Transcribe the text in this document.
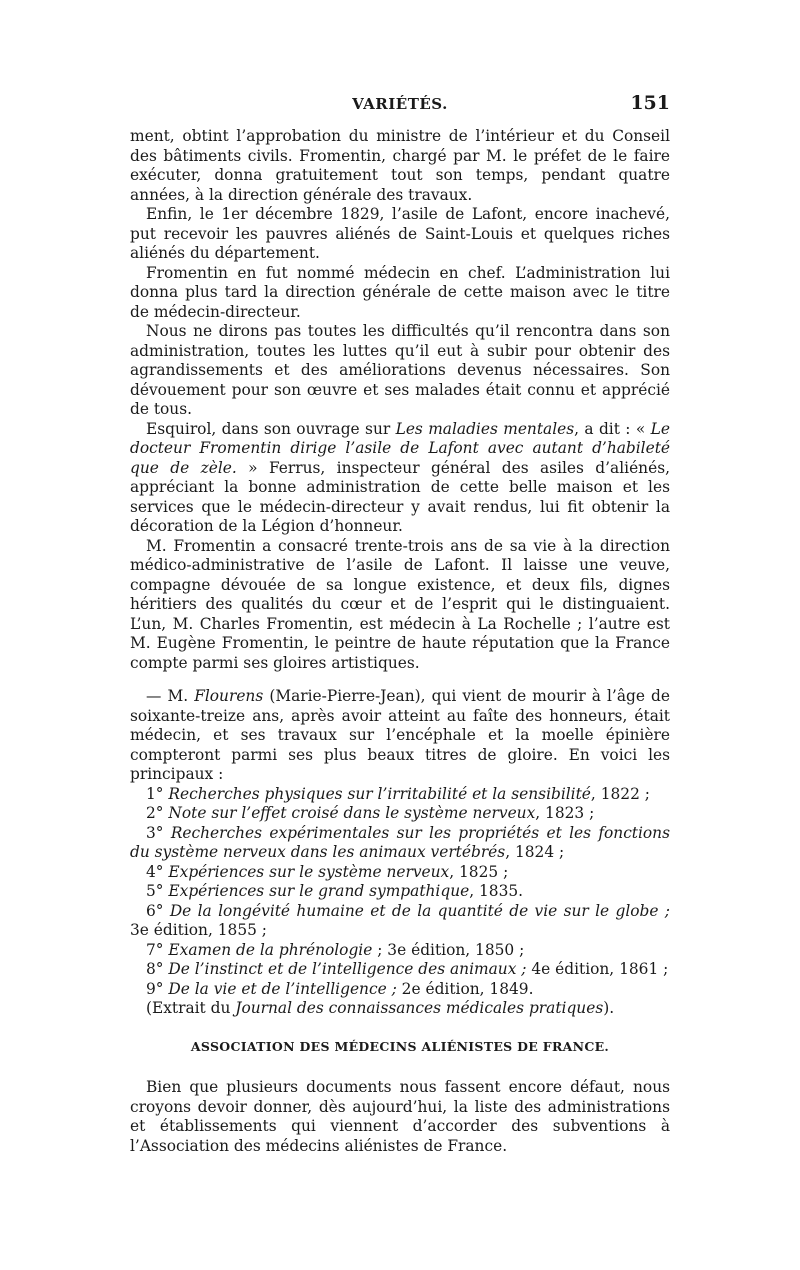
VARIÉTÉS.	151

ment, obtint l’approbation du ministre de l’intérieur et du Conseil des bâtiments civils. Fromentin, chargé par M. le préfet de le faire exécuter, donna gratuitement tout son temps, pendant quatre années, à la direction générale des travaux.

Enfin, le 1er décembre 1829, l’asile de Lafont, encore inachevé, put recevoir les pauvres aliénés de Saint-Louis et quelques riches aliénés du département.

Fromentin en fut nommé médecin en chef. L’administration lui donna plus tard la direction générale de cette maison avec le titre de médecin-directeur.

Nous ne dirons pas toutes les difficultés qu’il rencontra dans son administration, toutes les luttes qu’il eut à subir pour obtenir des agrandissements et des améliorations devenus nécessaires. Son dévouement pour son œuvre et ses malades était connu et apprécié de tous.

Esquirol, dans son ouvrage sur Les maladies mentales, a dit : « Le docteur Fromentin dirige l’asile de Lafont avec autant d’habileté que de zèle. » Ferrus, inspecteur général des asiles d’aliénés, appréciant la bonne administration de cette belle maison et les services que le médecin-directeur y avait rendus, lui fit obtenir la décoration de la Légion d’honneur.

M. Fromentin a consacré trente-trois ans de sa vie à la direction médico-administrative de l’asile de Lafont. Il laisse une veuve, compagne dévouée de sa longue existence, et deux fils, dignes héritiers des qualités du cœur et de l’esprit qui le distinguaient. L’un, M. Charles Fromentin, est médecin à La Rochelle ; l’autre est M. Eugène Fromentin, le peintre de haute réputation que la France compte parmi ses gloires artistiques.

— M. Flourens (Marie-Pierre-Jean), qui vient de mourir à l’âge de soixante-treize ans, après avoir atteint au faîte des honneurs, était médecin, et ses travaux sur l’encéphale et la moelle épinière compteront parmi ses plus beaux titres de gloire. En voici les principaux :

1° Recherches physiques sur l’irritabilité et la sensibilité, 1822 ;

2° Note sur l’effet croisé dans le système nerveux, 1823 ;

3° Recherches expérimentales sur les propriétés et les fonctions du système nerveux dans les animaux vertébrés, 1824 ;

4° Expériences sur le système nerveux, 1825 ;

5° Expériences sur le grand sympathique, 1835.

6° De la longévité humaine et de la quantité de vie sur le globe ; 3e édition, 1855 ;

7° Examen de la phrénologie ; 3e édition, 1850 ;

8° De l’instinct et de l’intelligence des animaux ; 4e édition, 1861 ;

9° De la vie et de l’intelligence ; 2e édition, 1849.

(Extrait du Journal des connaissances médicales pratiques).

ASSOCIATION DES MÉDECINS ALIÉNISTES DE FRANCE.

Bien que plusieurs documents nous fassent encore défaut, nous croyons devoir donner, dès aujourd’hui, la liste des administrations et établissements qui viennent d’accorder des subventions à l’Association des médecins aliénistes de France.
